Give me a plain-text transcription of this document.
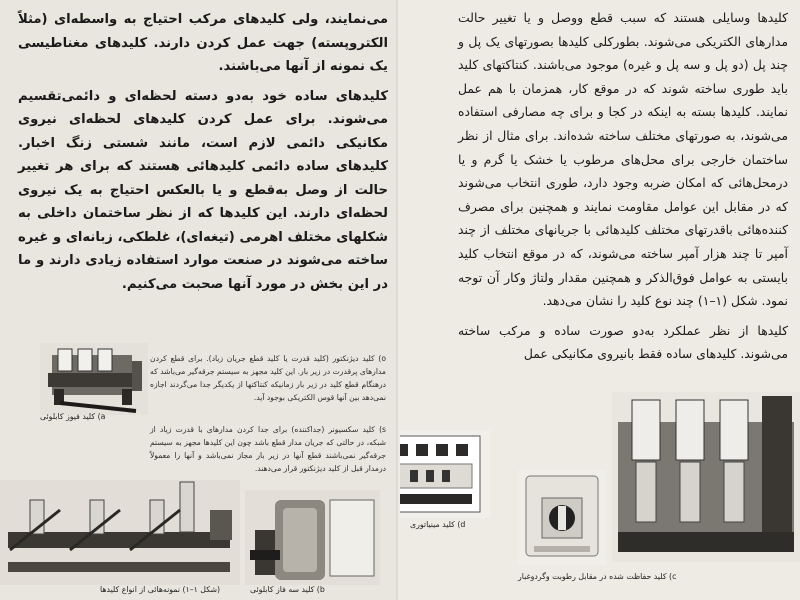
می‌نمایند، ولی کلیدهای مرکب احتیاج به واسطه‌ای (مثلاً الکتروپسته) جهت عمل کردن دارند. کلیدهای مغناطیسی یک نمونه از آنها می‌باشند.

کلیدهای ساده خود به‌دو دسته لحظه‌ای و دائمی‌تقسیم می‌شوند. برای عمل کردن کلیدهای لحظه‌ای نیروی مکانیکی دائمی لازم است، مانند شستی زنگ اخبار. کلیدهای ساده دائمی کلیدهائی هستند که برای هر تغییر حالت از وصل به‌قطع و یا بالعکس احتیاج به یک نیروی لحظه‌ای دارند. این کلیدها که از نظر ساختمان داخلی به شکلهای مختلف اهرمی (تیغه‌ای)، غلطکی، زبانه‌ای و غیره ساخته می‌شوند در صنعت موارد استفاده زیادی دارند و ما در این بخش در مورد آنها صحبت می‌کنیم.

a) کلید فیوز کابلوئی
ο) کلید دیژنکتور (کلید قدرت یا کلید قطع جریان زیاد). برای قطع کردن مدارهای پرقدرت در زیر بار. این کلید مجهز به سیستم جرقه‌گیر می‌باشد که درهنگام قطع کلید در زیر بار زمانیکه کنتاکتها از یکدیگر جدا می‌گردند اجازه نمی‌دهد بین آنها قوس الکتریکی بوجود آید.
s) کلید سکسیونر (جداکننده) برای جدا کردن مدارهای با قدرت زیاد از شبکه، در حالتی که جریان مدار قطع باشد چون این کلیدها مجهز به سیستم جرقه‌گیر نمی‌باشند قطع آنها در زیر بار مجاز نمی‌باشد و آنها را معمولاً درمدار قبل از کلید دیژنکتور قرار می‌دهند.
b) کلید سه فاز کابلوئی
(شکل ۱–۱) نمونه‌هائی از انواع کلیدها

کلیدها وسایلی هستند که سبب قطع ووصل و یا تغییر حالت مدارهای الکتریکی می‌شوند. بطورکلی کلیدها بصورتهای یک پل و چند پل (دو پل و سه پل و غیره) موجود می‌باشند. کنتاکتهای کلید باید طوری ساخته شوند که در موقع کار، همزمان با هم عمل نمایند. کلیدها بسته به اینکه در کجا و برای چه مصارفی استفاده می‌شوند، به صورتهای مختلف ساخته شده‌اند. برای مثال از نظر ساختمان خارجی برای محل‌های مرطوب یا خشک یا گرم و یا درمحل‌هائی که امکان ضربه وجود دارد، طوری انتخاب می‌شوند که در مقابل این عوامل مقاومت نمایند و همچنین برای مصرف کننده‌هائی باقدرتهای مختلف کلیدهائی با جریانهای مختلف از چند آمپر تا چند هزار آمپر ساخته می‌شوند، که در موقع انتخاب کلید بایستی به عوامل فوق‌الذکر و همچنین مقدار ولتاژ وکار آن توجه نمود. شکل (۱–۱) چند نوع کلید را نشان می‌دهد.

کلیدها از نظر عملکرد به‌دو صورت ساده و مرکب ساخته می‌شوند. کلیدهای ساده فقط بانیروی مکانیکی عمل

d) کلید مینیاتوری
c) کلید حفاظت شده در مقابل رطوبت وگردوغبار
